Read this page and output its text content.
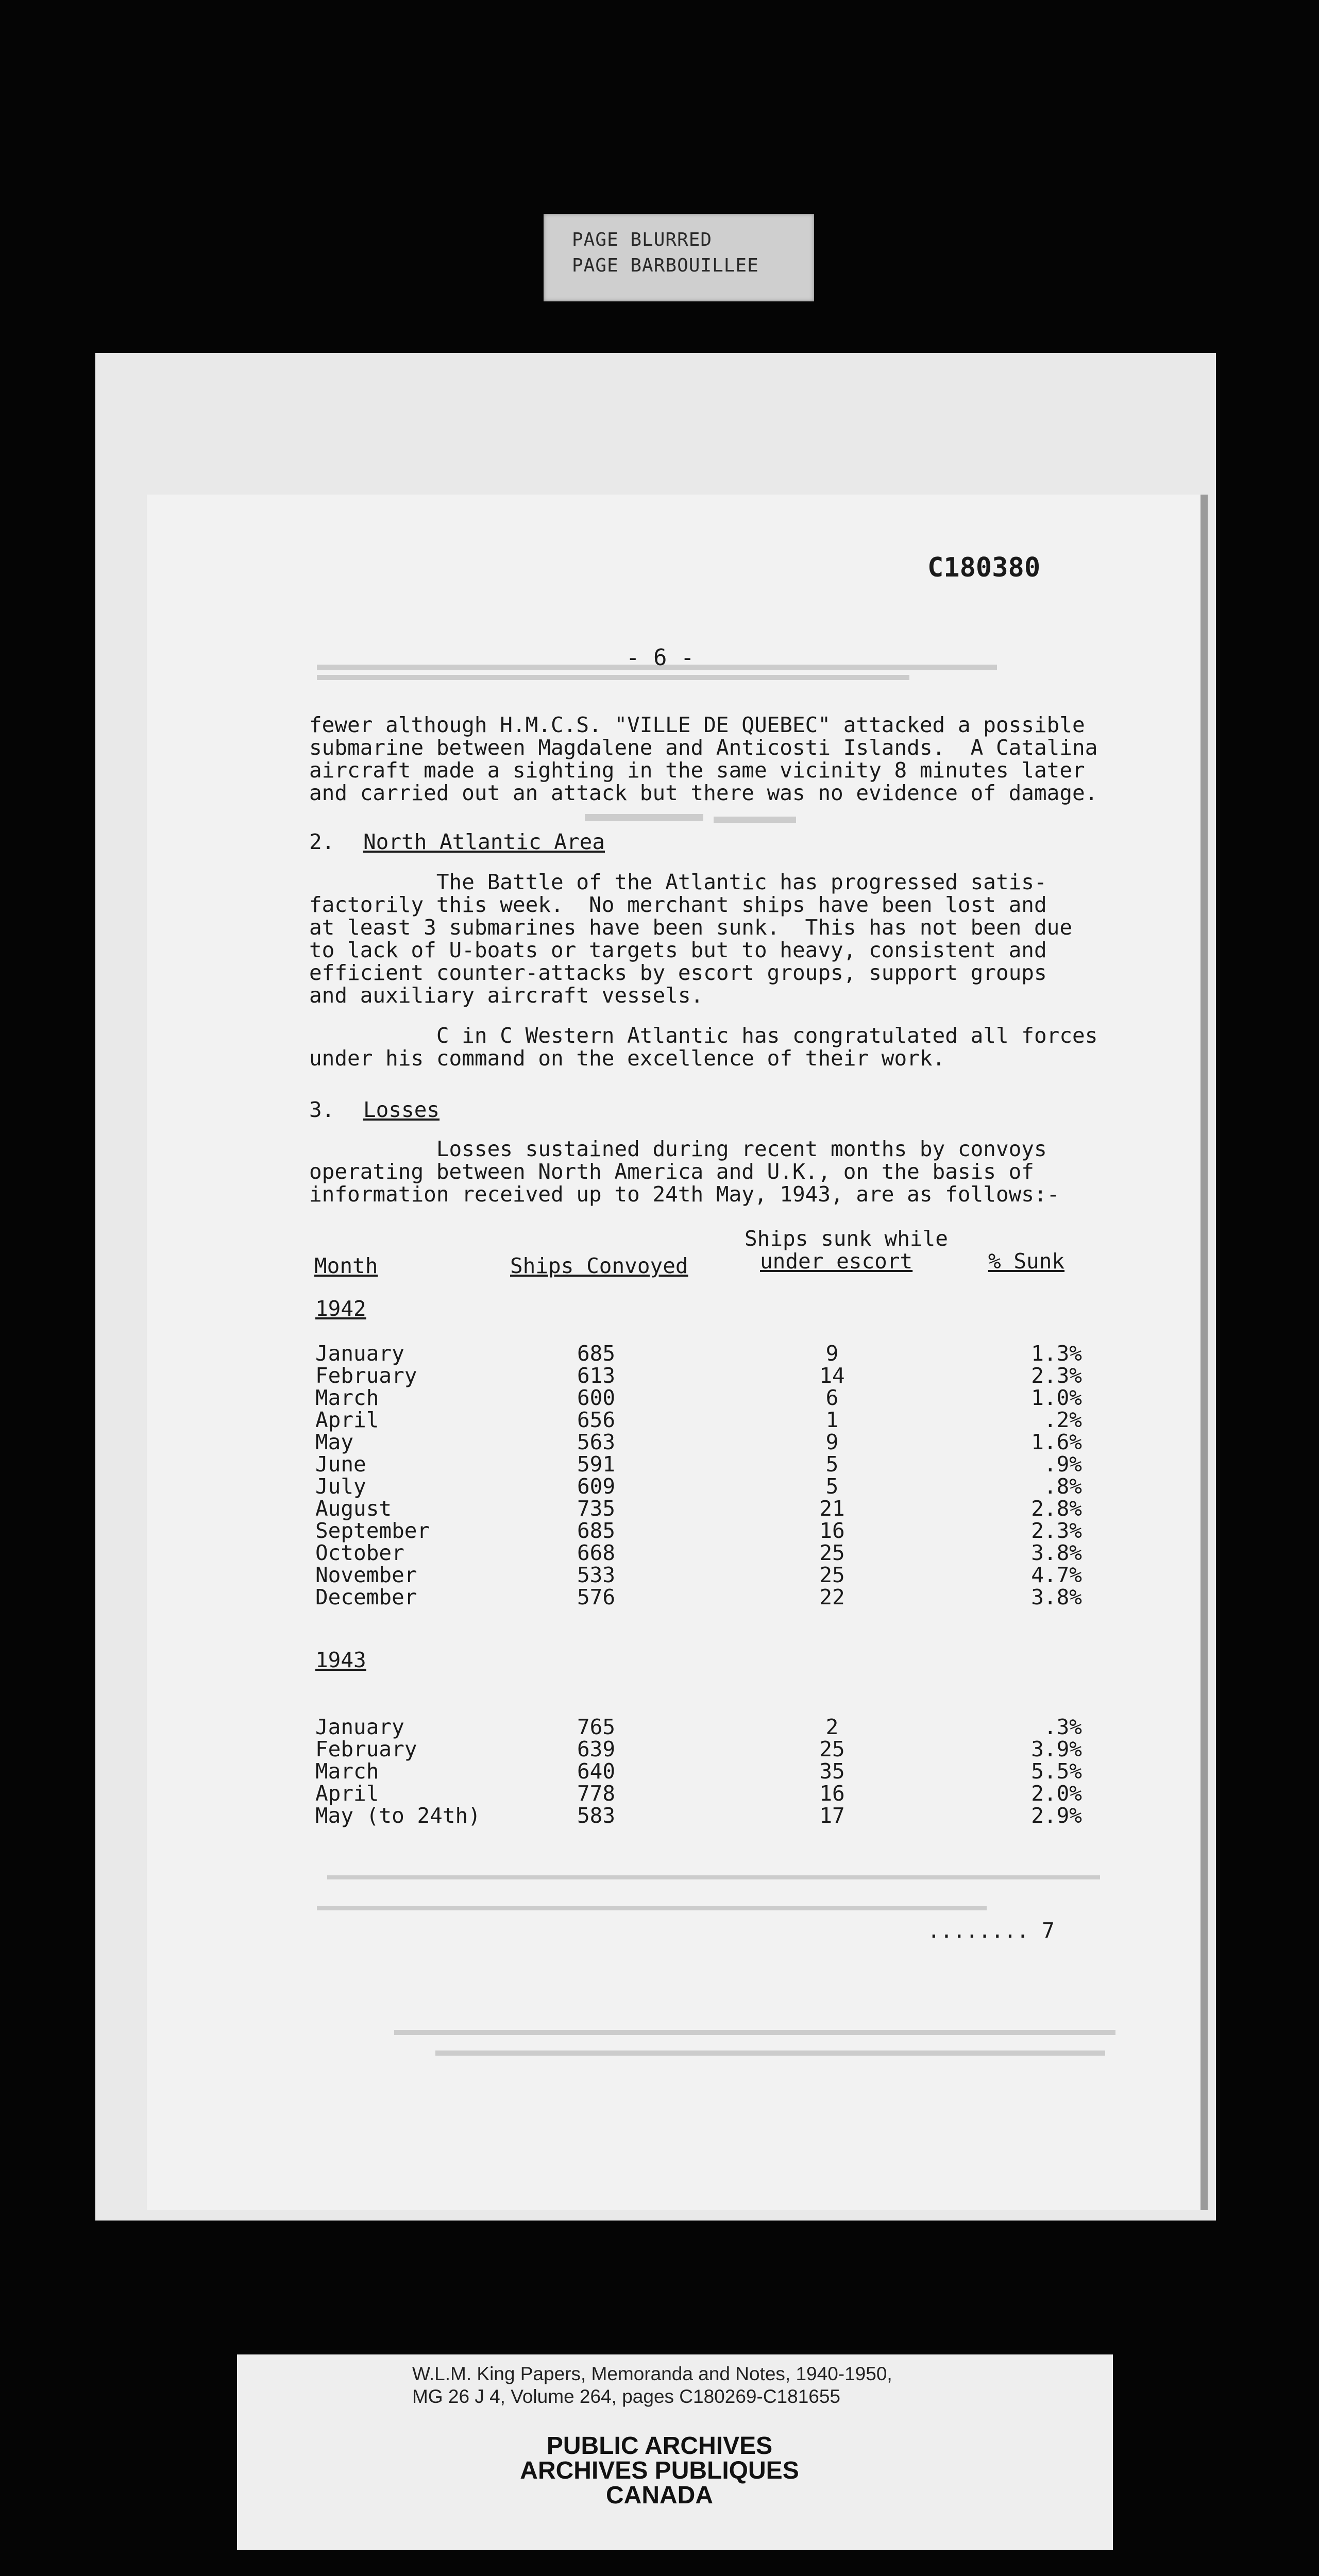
PAGE BLURRED
PAGE BARBOUILLEE
C180380
- 6 -
fewer although H.M.C.S. "VILLE DE QUEBEC" attacked a possible
submarine between Magdalene and Anticosti Islands.  A Catalina
aircraft made a sighting in the same vicinity 8 minutes later
and carried out an attack but there was no evidence of damage.
2. North Atlantic Area
The Battle of the Atlantic has progressed satis-
factorily this week.  No merchant ships have been lost and
at least 3 submarines have been sunk.  This has not been due
to lack of U-boats or targets but to heavy, consistent and
efficient counter-attacks by escort groups, support groups
and auxiliary aircraft vessels.
C in C Western Atlantic has congratulated all forces
under his command on the excellence of their work.
3. Losses
Losses sustained during recent months by convoys
operating between North America and U.K., on the basis of
information received up to 24th May, 1943, are as follows:-
Month	Ships Convoyed
Ships sunk while
under escort	% Sunk
1942
January	685	9	1.3%
February	613	14	2.3%
March	600	6	1.0%
April	656	1	.2%
May	563	9	1.6%
June	591	5	.9%
July	609	5	.8%
August	735	21	2.8%
September	685	16	2.3%
October	668	25	3.8%
November	533	25	4.7%
December	576	22	3.8%
1943
January	765	2	.3%
February	639	25	3.9%
March	640	35	5.5%
April	778	16	2.0%
May (to 24th)	583	17	2.9%
........ 7
W.L.M. King Papers, Memoranda and Notes, 1940-1950,
MG 26 J 4, Volume 264, pages C180269-C181655
PUBLIC ARCHIVES
ARCHIVES PUBLIQUES
CANADA
